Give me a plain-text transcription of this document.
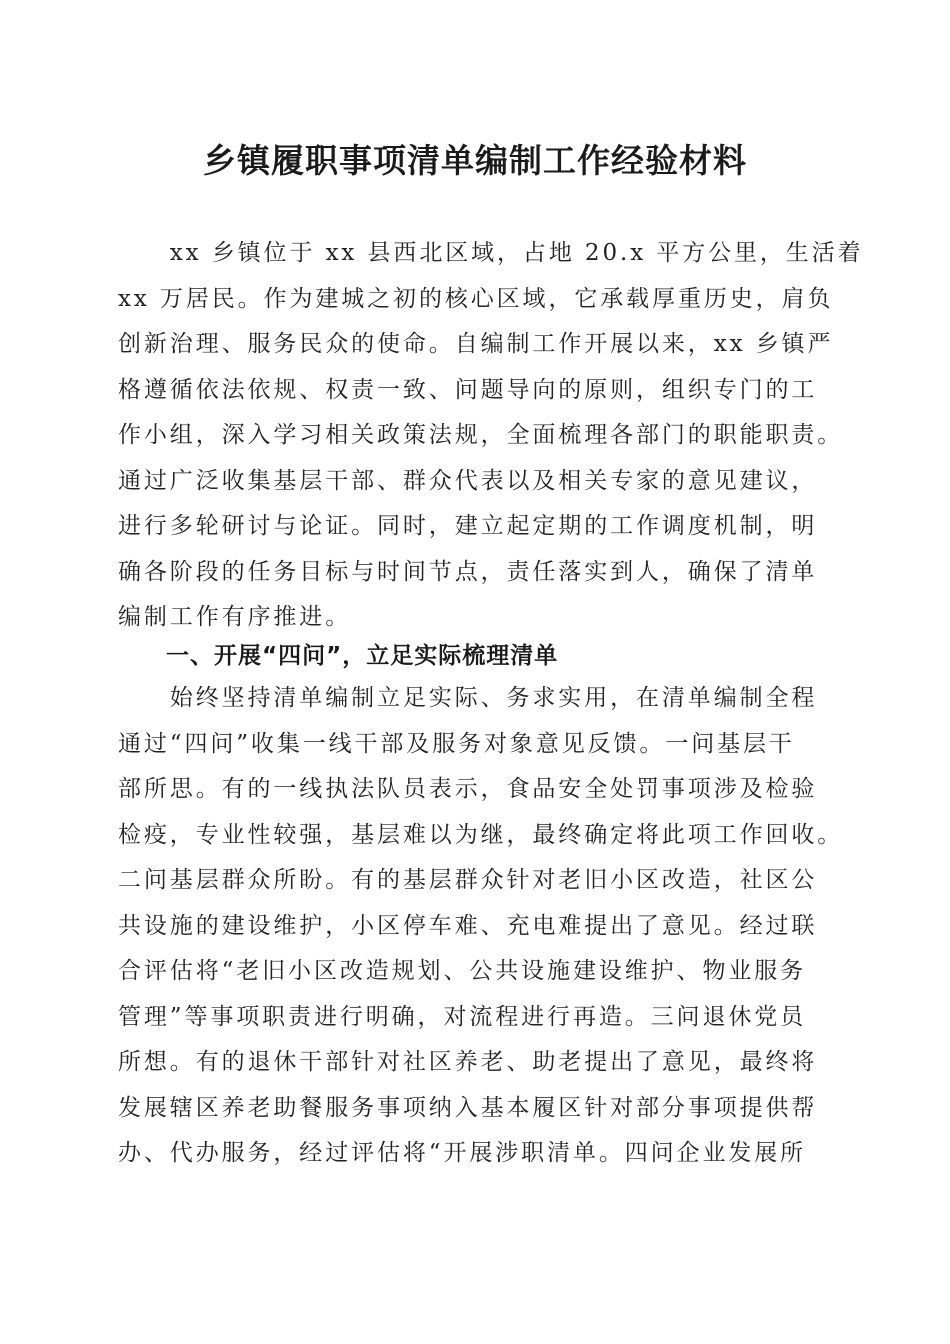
乡镇履职事项清单编制工作经验材料
　　xx 乡镇位于 xx 县西北区域，占地 20.x 平方公里，生活着
xx 万居民。作为建城之初的核心区域，它承载厚重历史，肩负
创新治理、服务民众的使命。自编制工作开展以来，xx 乡镇严
格遵循依法依规、权责一致、问题导向的原则，组织专门的工
作小组，深入学习相关政策法规，全面梳理各部门的职能职责。
通过广泛收集基层干部、群众代表以及相关专家的意见建议，
进行多轮研讨与论证。同时，建立起定期的工作调度机制，明
确各阶段的任务目标与时间节点，责任落实到人，确保了清单
编制工作有序推进。
一、开展“四问”，立足实际梳理清单
　　始终坚持清单编制立足实际、务求实用，在清单编制全程
通过“四问”收集一线干部及服务对象意见反馈。一问基层干
部所思。有的一线执法队员表示，食品安全处罚事项涉及检验
检疫，专业性较强，基层难以为继，最终确定将此项工作回收。
二问基层群众所盼。有的基层群众针对老旧小区改造，社区公
共设施的建设维护，小区停车难、充电难提出了意见。经过联
合评估将“老旧小区改造规划、公共设施建设维护、物业服务
管理”等事项职责进行明确，对流程进行再造。三问退休党员
所想。有的退休干部针对社区养老、助老提出了意见，最终将
发展辖区养老助餐服务事项纳入基本履区针对部分事项提供帮
办、代办服务，经过评估将“开展涉职清单。四问企业发展所
